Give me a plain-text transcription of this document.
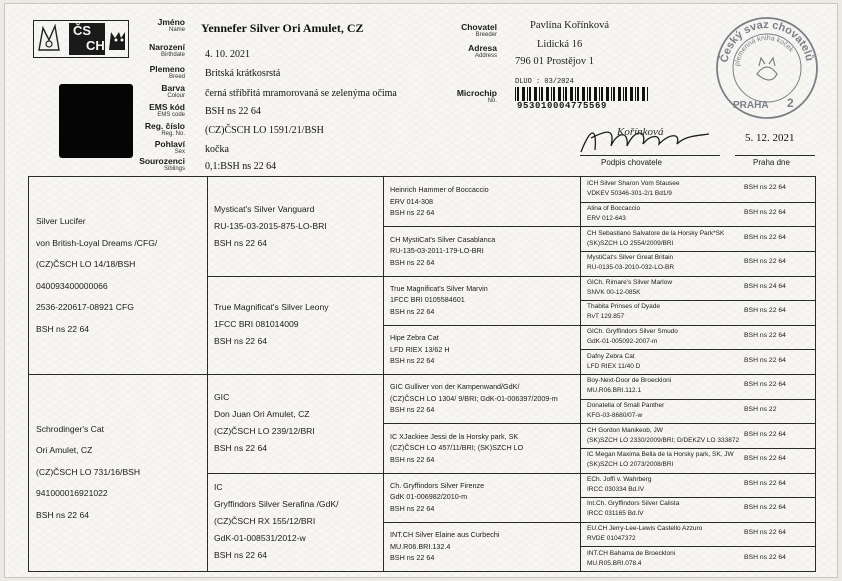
ČS
CH
Jméno
Name Yennefer Silver Ori Amulet, CZ
Narození
Birthdate 4. 10. 2021
Plemeno
Breed Britská krátkosrstá
Barva
Colour černá stříbřitá mramorovaná se zelenýma očima
EMS kód
EMS code BSH ns 22 64
Reg. číslo
Reg. No. (CZ)ČSCH LO 1591/21/BSH
Pohlaví
Sex kočka
Sourozenci
Siblings 0,1:BSH ns 22 64
Chovatel
Breeder
Pavlína Kořínková
Adresa
Address
Lidická 16
796 01 Prostějov 1
Microchip
No.
DLUO : 03/2024
953010004775569
Český svaz chovatelů
plemenná kniha koček
PRAHA 2
5. 12. 2021
Kořínková
Podpis chovatele	Praha dne
Silver Lucifer
von British-Loyal Dreams /CFG/
(CZ)ČSCH LO 14/18/BSH
040093400000066
2536-220617-08921 CFG
BSH ns 22 64
Schrodinger's Cat
Ori Amulet, CZ
(CZ)ČSCH LO 731/16/BSH
941000016921022
BSH ns 22 64
Mysticat's Silver Vanguard
RU-135-03-2015-875-LO-BRI
BSH ns 22 64
True Magnificat's Silver Leony
1FCC BRI 081014009
BSH ns 22 64
GIC
Don Juan Ori Amulet, CZ
(CZ)ČSCH LO 239/12/BRI
BSH ns 22 64
IC
Gryffindors Silver Serafina /GdK/
(CZ)ČSCH RX 155/12/BRI
GdK-01-008531/2012-w
BSH ns 22 64
Heinrich Hammer of Boccaccio
ERV 014-308
BSH ns 22 64
CH MystiCat's Silver Casablanca
RU-135-03-2011-179-LO-BRI
BSH ns 22 64
True Magnificat's Silver Marvin
1FCC BRI 0105584601
BSH ns 22 64
Hipe Zebra Cat
LFD RIEX 13/62 H
BSH ns 22 64
GIC Gulliver von der Kampenwand/GdK/
(CZ)ČSCH LO 1304/ 9/BRI; GdK-01-006397/2009-m
BSH ns 22 64
IC XJackiee Jessi de la Horsky park, SK
(CZ)ČSCH LO 457/11/BRI; (SK)SZCH LO
BSH ns 22 64
Ch. Gryffindors Silver Firenze
GdK 01-006982/2010-m
BSH ns 22 64
INT.CH Silver Elaine aus Curbechi
MU.R06.BRI.132.4
BSH ns 22 64
ICH Silver Sharon Vom Stausee
VDKEV 50346-301-2/1 Bd1/9
BSH ns 22 64
Alina of Boccaccio
ERV 012-643
BSH ns 22 64
CH Sebastiano Salvatore de la Horsky Park*SK
(SK)SZCH LO 2554/2009/BRI
BSH ns 22 64
MystiCat's Silver Great Britain
RU-0135-03-2010-032-LO-BR
BSH ns 22 64
GICh. Rimare's Silver Marlow
SNVK 00-12-085K
BSH ns 24 64
Thabita Prinses of Dyade
RvT 129.857
BSH ns 22 64
GICh. Gryffindors Silver Smudo
GdK-01-005092-2007-m
BSH ns 22 64
Dafny Zebra Cat
LFD RIEX 11/40 D
BSH ns 22 64
Boy-Next-Door de Broeckloni
MU.R06.BRI.112.1
BSH ns 22 64
Donatella of Small Panther
KFG-03-8680/07-w
BSH ns 22
CH Gordon Manikeob, JW
(SK)SZCH LO 2330/2009/BRI; D/DEKZV LO 333872
BSH ns 22 64
IC Megan Maxima Bella de la Horsky park, SK, JW
(SK)SZCH LO 2073/2008/BRI
BSH ns 22 64
ECh. Joffi v. Wahrberg
IRCC 030334 Bd.IV
BSH ns 22 64
Int.Ch. Gryffindors Silver Calista
IRCC 031165 Bd.IV
BSH ns 22 64
EU.CH Jerry-Lee-Lewis Castello Azzuro
RVDE 01047372
BSH ns 22 64
INT.CH Bahama de Broeckloni
MU.R05.BRI.078.4
BSH ns 22 64
